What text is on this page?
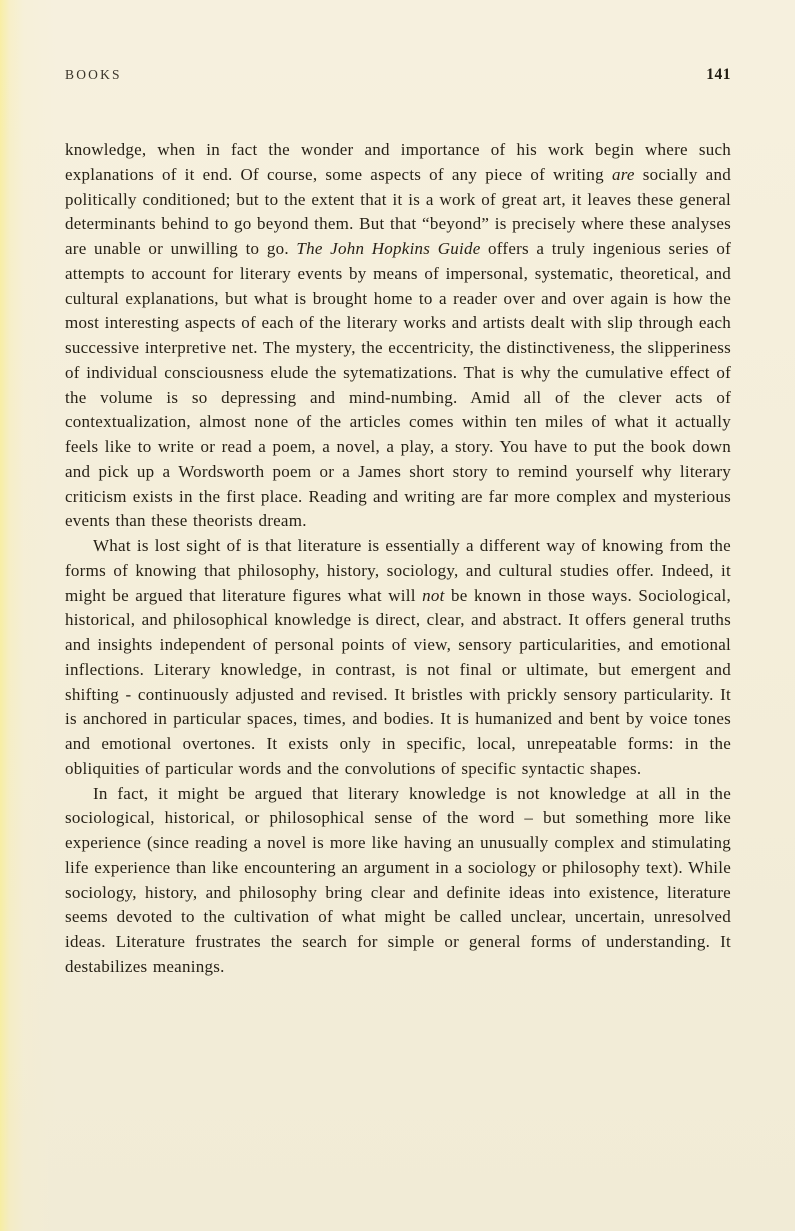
BOOKS	141

knowledge, when in fact the wonder and importance of his work begin where such explanations of it end. Of course, some aspects of any piece of writing are socially and politically conditioned; but to the extent that it is a work of great art, it leaves these general determinants behind to go beyond them. But that “beyond” is precisely where these analyses are unable or unwilling to go. The John Hopkins Guide offers a truly ingenious series of attempts to account for literary events by means of impersonal, systematic, theoretical, and cultural explanations, but what is brought home to a reader over and over again is how the most interesting aspects of each of the literary works and artists dealt with slip through each successive interpretive net. The mystery, the eccentricity, the distinctiveness, the slipperiness of individual consciousness elude the sytematizations. That is why the cumulative effect of the volume is so depressing and mind-numbing. Amid all of the clever acts of contextualization, almost none of the articles comes within ten miles of what it actually feels like to write or read a poem, a novel, a play, a story. You have to put the book down and pick up a Wordsworth poem or a James short story to remind yourself why literary criticism exists in the first place. Reading and writing are far more complex and mysterious events than these theorists dream.

What is lost sight of is that literature is essentially a different way of knowing from the forms of knowing that philosophy, history, sociology, and cultural studies offer. Indeed, it might be argued that literature figures what will not be known in those ways. Sociological, historical, and philosophical knowledge is direct, clear, and abstract. It offers general truths and insights independent of personal points of view, sensory particularities, and emotional inflections. Literary knowledge, in contrast, is not final or ultimate, but emergent and shifting - continuously adjusted and revised. It bristles with prickly sensory particularity. It is anchored in particular spaces, times, and bodies. It is humanized and bent by voice tones and emotional overtones. It exists only in specific, local, unrepeatable forms: in the obliquities of particular words and the convolutions of specific syntactic shapes.

In fact, it might be argued that literary knowledge is not knowledge at all in the sociological, historical, or philosophical sense of the word – but something more like experience (since reading a novel is more like having an unusually complex and stimulating life experience than like encountering an argument in a sociology or philosophy text). While sociology, history, and philosophy bring clear and definite ideas into existence, literature seems devoted to the cultivation of what might be called unclear, uncertain, unresolved ideas. Literature frustrates the search for simple or general forms of understanding. It destabilizes meanings.
